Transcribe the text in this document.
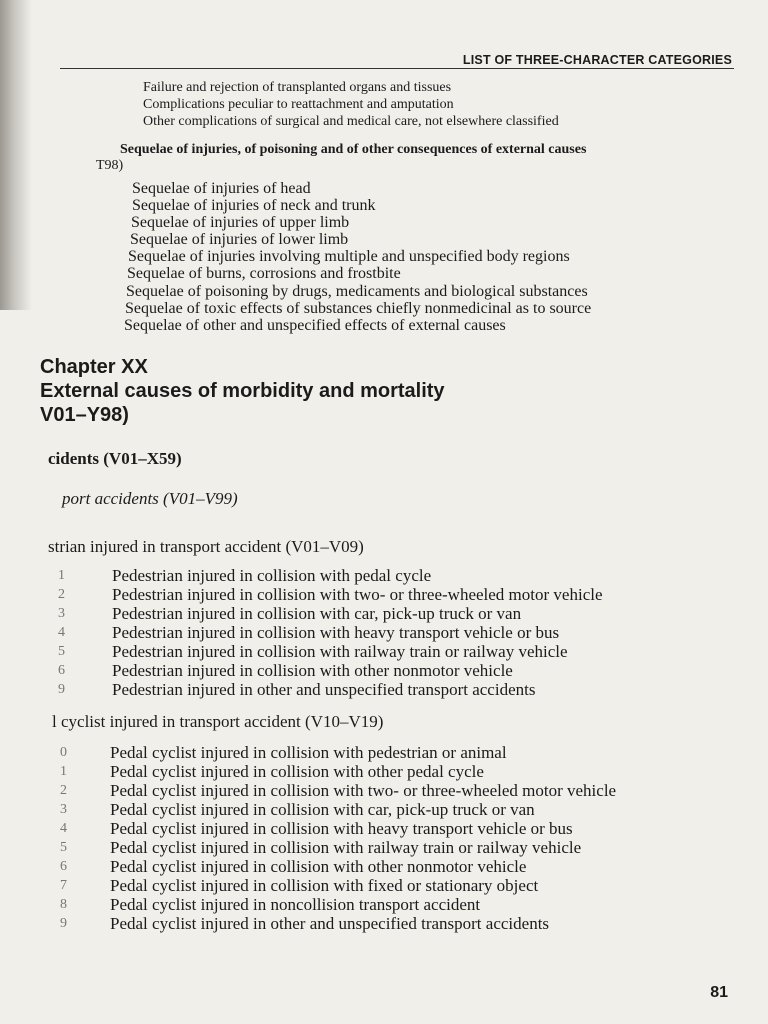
LIST OF THREE-CHARACTER CATEGORIES
Failure and rejection of transplanted organs and tissues
Complications peculiar to reattachment and amputation
Other complications of surgical and medical care, not elsewhere classified
Sequelae of injuries, of poisoning and of other consequences of external causes
T98)
Sequelae of injuries of head
Sequelae of injuries of neck and trunk
Sequelae of injuries of upper limb
Sequelae of injuries of lower limb
Sequelae of injuries involving multiple and unspecified body regions
Sequelae of burns, corrosions and frostbite
Sequelae of poisoning by drugs, medicaments and biological substances
Sequelae of toxic effects of substances chiefly nonmedicinal as to source
Sequelae of other and unspecified effects of external causes
Chapter XX
External causes of morbidity and mortality
V01–Y98)
cidents (V01–X59)
port accidents (V01–V99)
strian injured in transport accident (V01–V09)
1	Pedestrian injured in collision with pedal cycle
2	Pedestrian injured in collision with two- or three-wheeled motor vehicle
3	Pedestrian injured in collision with car, pick-up truck or van
4	Pedestrian injured in collision with heavy transport vehicle or bus
5	Pedestrian injured in collision with railway train or railway vehicle
6	Pedestrian injured in collision with other nonmotor vehicle
9	Pedestrian injured in other and unspecified transport accidents
l cyclist injured in transport accident (V10–V19)
0	Pedal cyclist injured in collision with pedestrian or animal
1	Pedal cyclist injured in collision with other pedal cycle
2	Pedal cyclist injured in collision with two- or three-wheeled motor vehicle
3	Pedal cyclist injured in collision with car, pick-up truck or van
4	Pedal cyclist injured in collision with heavy transport vehicle or bus
5	Pedal cyclist injured in collision with railway train or railway vehicle
6	Pedal cyclist injured in collision with other nonmotor vehicle
7	Pedal cyclist injured in collision with fixed or stationary object
8	Pedal cyclist injured in noncollision transport accident
9	Pedal cyclist injured in other and unspecified transport accidents
81
